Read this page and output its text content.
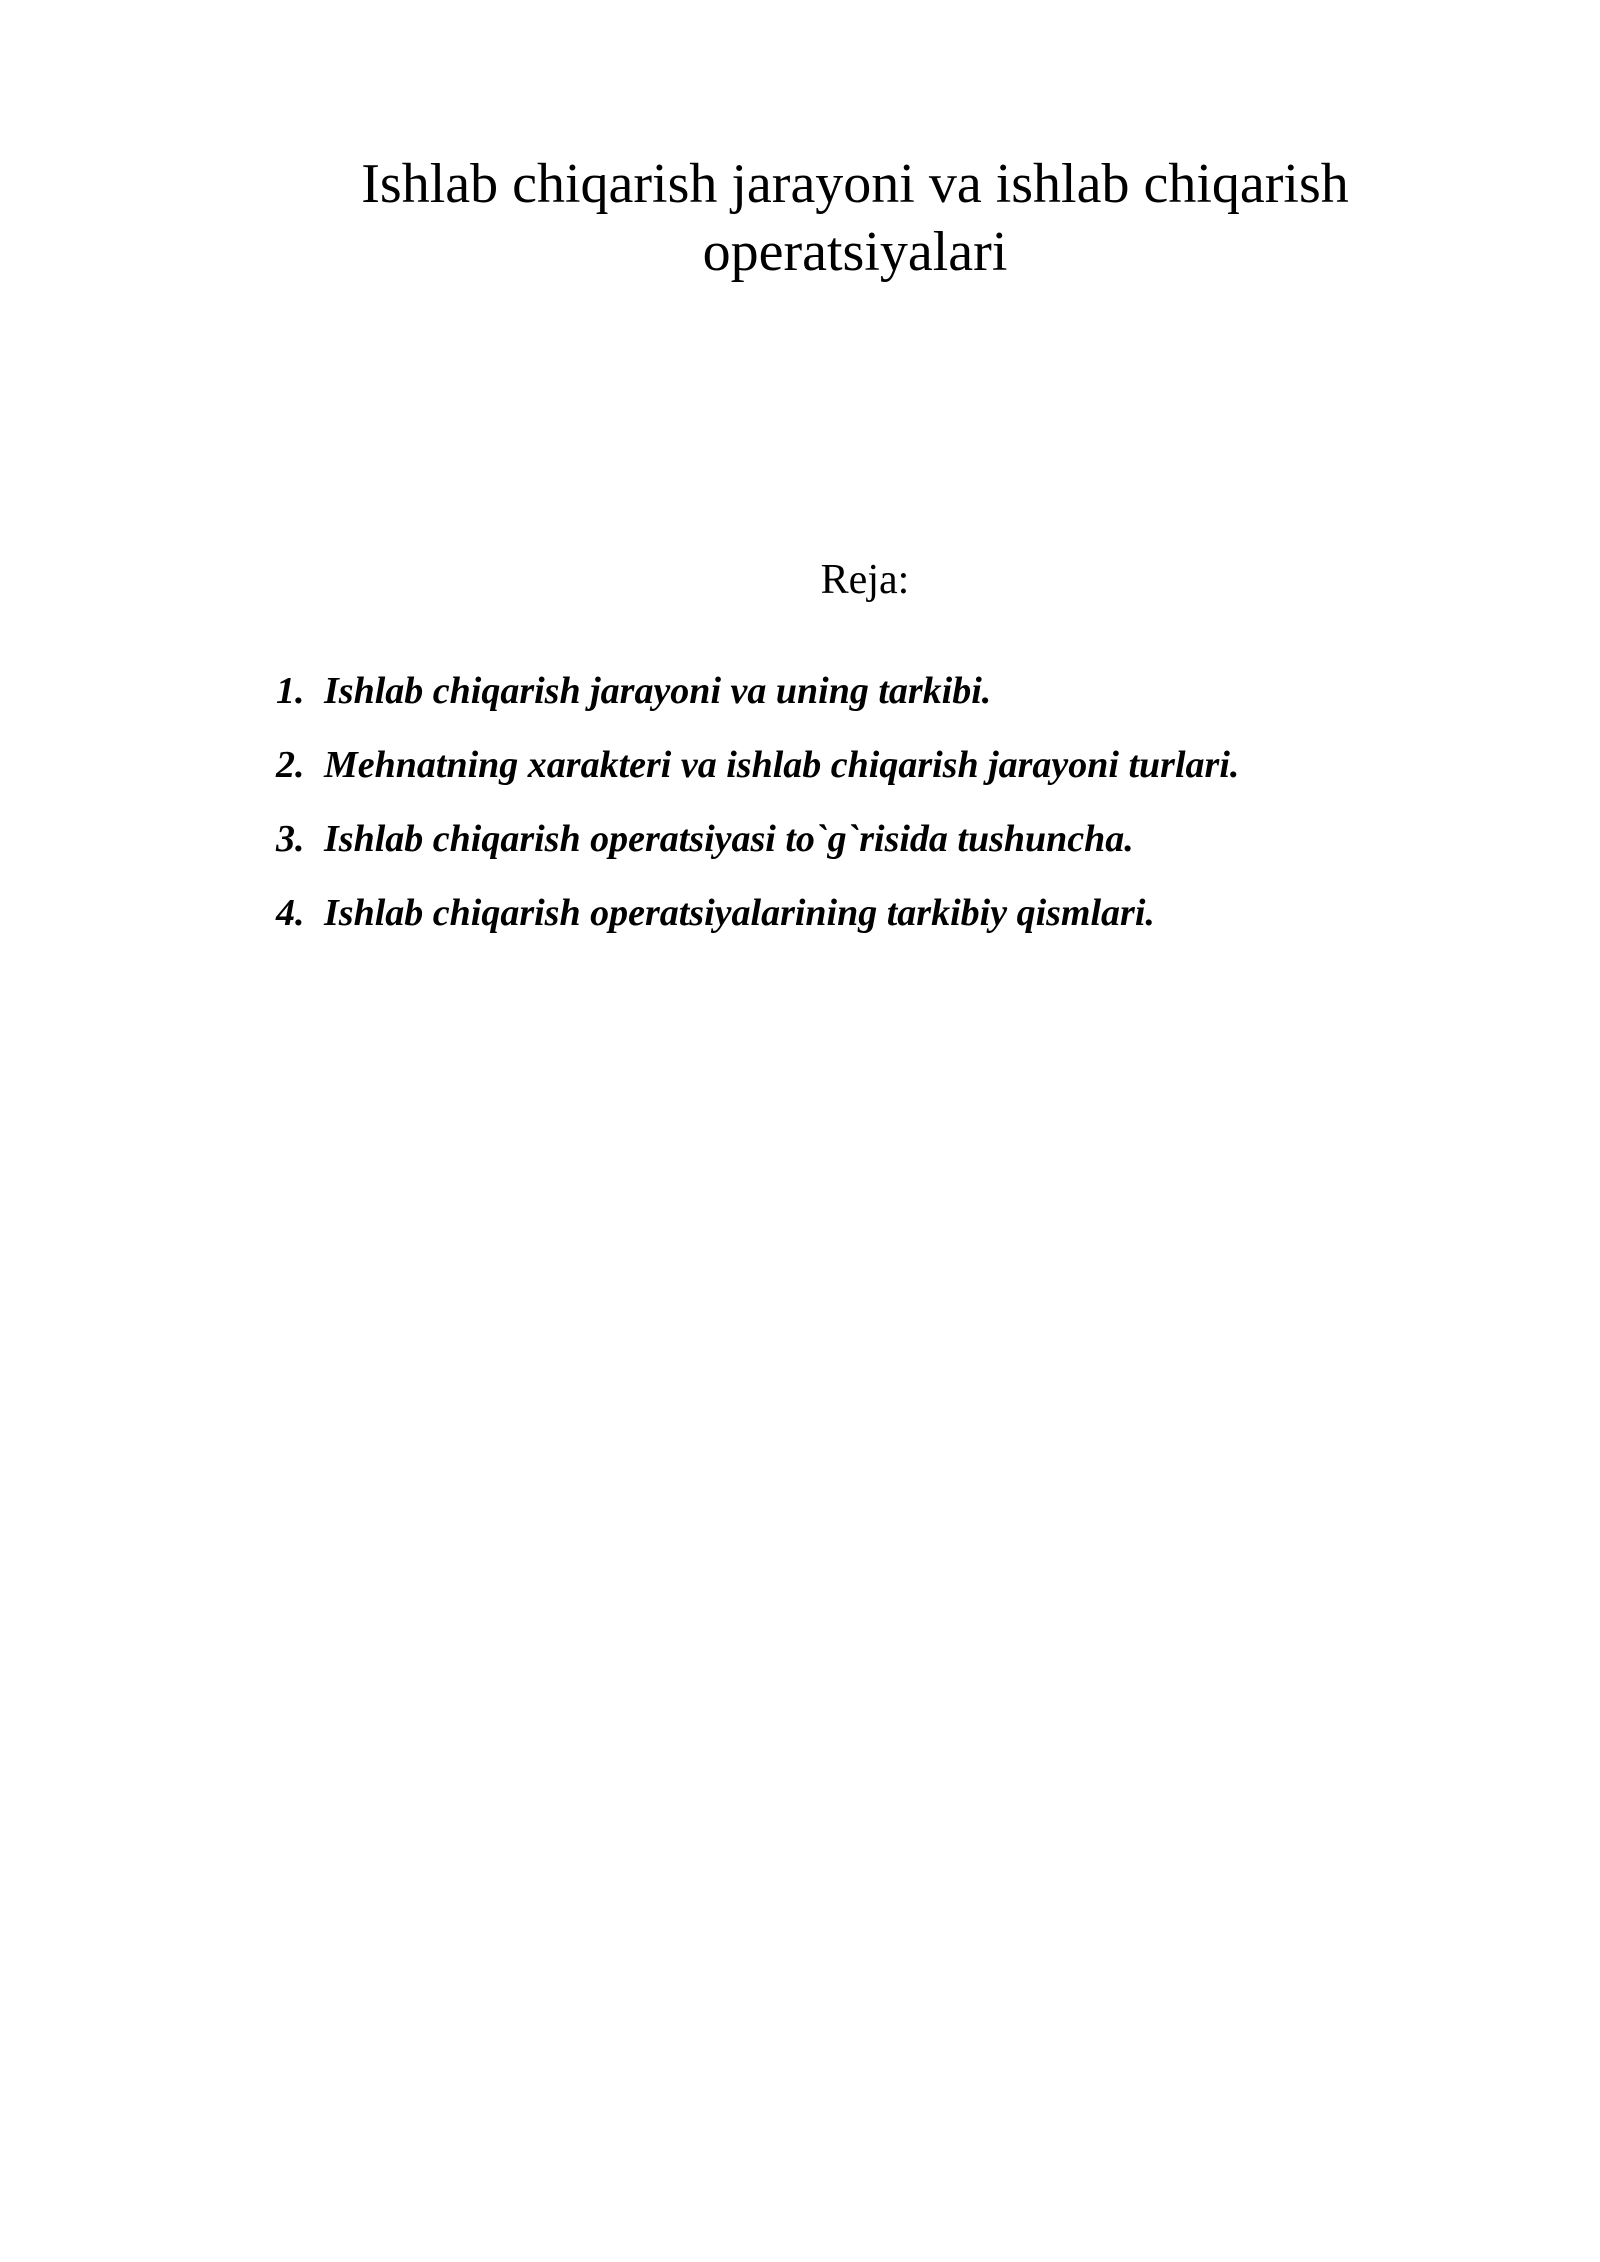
Ishlab chiqarish jarayoni va ishlab chiqarish
operatsiyalari
Reja:
1. Ishlab chiqarish jarayoni va uning tarkibi.
2. Mehnatning xarakteri va ishlab chiqarish jarayoni turlari.
3. Ishlab chiqarish operatsiyasi to`g`risida tushuncha.
4. Ishlab chiqarish operatsiyalarining tarkibiy qismlari.
